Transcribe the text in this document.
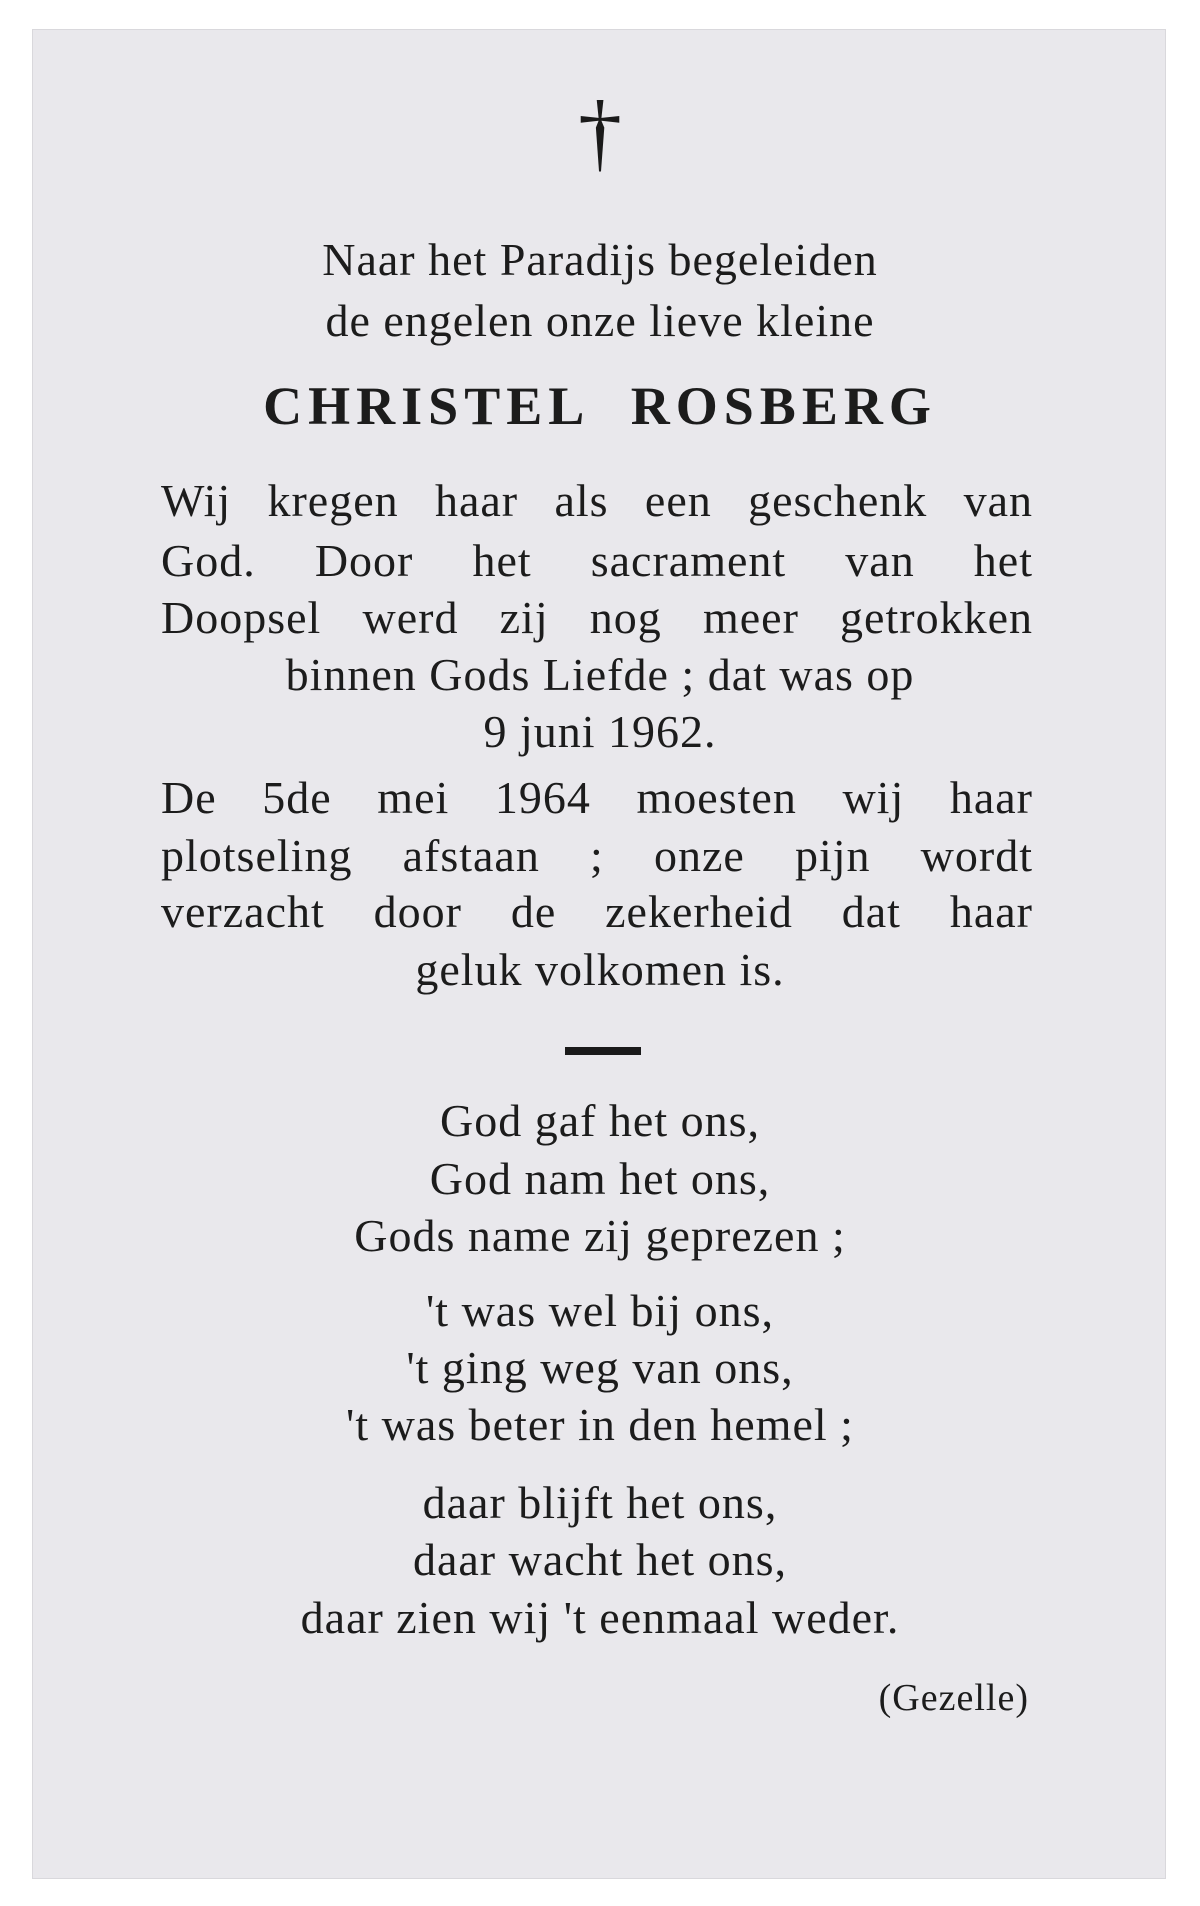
†
Naar het Paradijs begeleiden
de engelen onze lieve kleine
CHRISTEL ROSBERG
Wij kregen haar als een geschenk van
God. Door het sacrament van het
Doopsel werd zij nog meer getrokken
binnen Gods Liefde ; dat was op
9 juni 1962.
De 5de mei 1964 moesten wij haar
plotseling afstaan ; onze pijn wordt
verzacht door de zekerheid dat haar
geluk volkomen is.
God gaf het ons,
God nam het ons,
Gods name zij geprezen ;
't was wel bij ons,
't ging weg van ons,
't was beter in den hemel ;
daar blijft het ons,
daar wacht het ons,
daar zien wij 't eenmaal weder.
(Gezelle)
